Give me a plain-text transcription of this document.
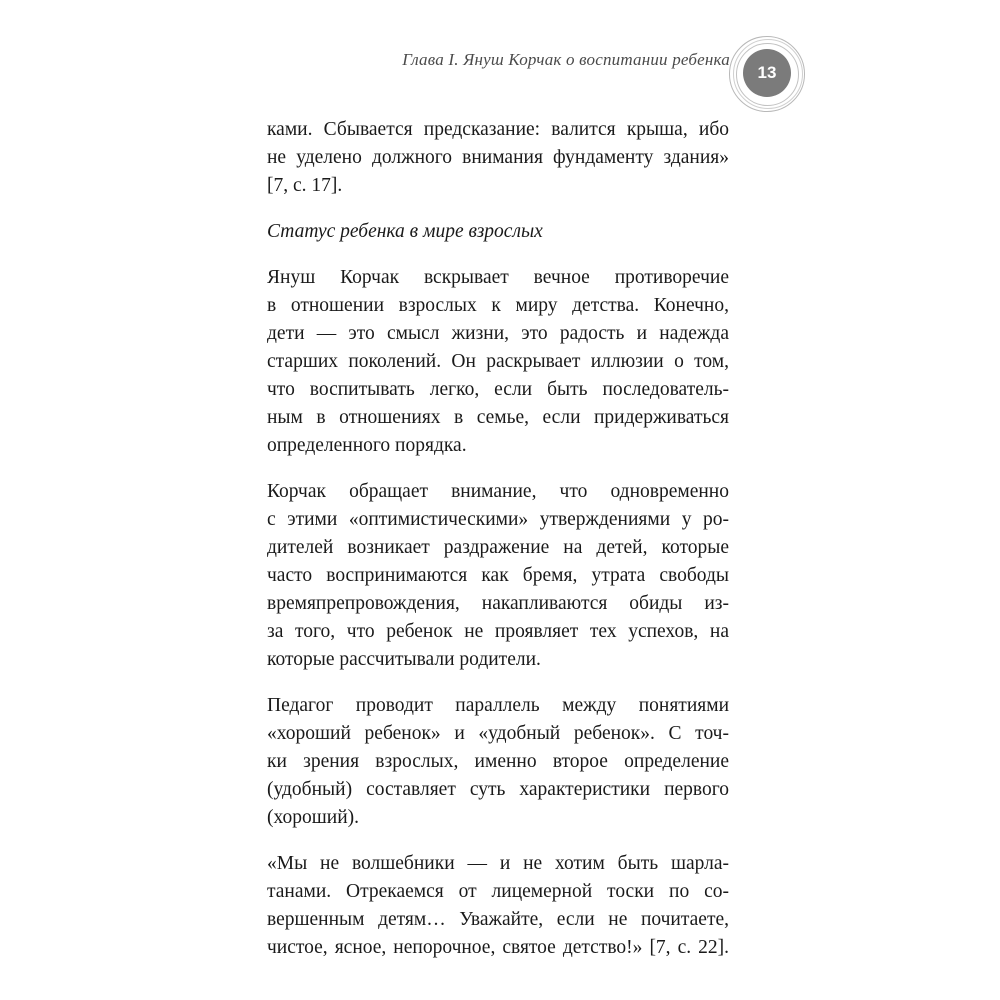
Глава I. Януш Корчак о воспитании ребенка
13

ками. Сбывается предсказание: валится крыша, ибо
не уделено должного внимания фундаменту здания»
[7, с. 17].

Статус ребенка в мире взрослых

Януш Корчак вскрывает вечное противоречие
в отношении взрослых к миру детства. Конечно,
дети — это смысл жизни, это радость и надежда
старших поколений. Он раскрывает иллюзии о том,
что воспитывать легко, если быть последователь-
ным в отношениях в семье, если придерживаться
определенного порядка.

Корчак обращает внимание, что одновременно
с этими «оптимистическими» утверждениями у ро-
дителей возникает раздражение на детей, которые
часто воспринимаются как бремя, утрата свободы
времяпрепровождения, накапливаются обиды из-
за того, что ребенок не проявляет тех успехов, на
которые рассчитывали родители.

Педагог проводит параллель между понятиями
«хороший ребенок» и «удобный ребенок». С точ-
ки зрения взрослых, именно второе определение
(удобный) составляет суть характеристики первого
(хороший).

«Мы не волшебники — и не хотим быть шарла-
танами. Отрекаемся от лицемерной тоски по со-
вершенным детям… Уважайте, если не почитаете,
чистое, ясное, непорочное, святое детство!» [7, с. 22].
